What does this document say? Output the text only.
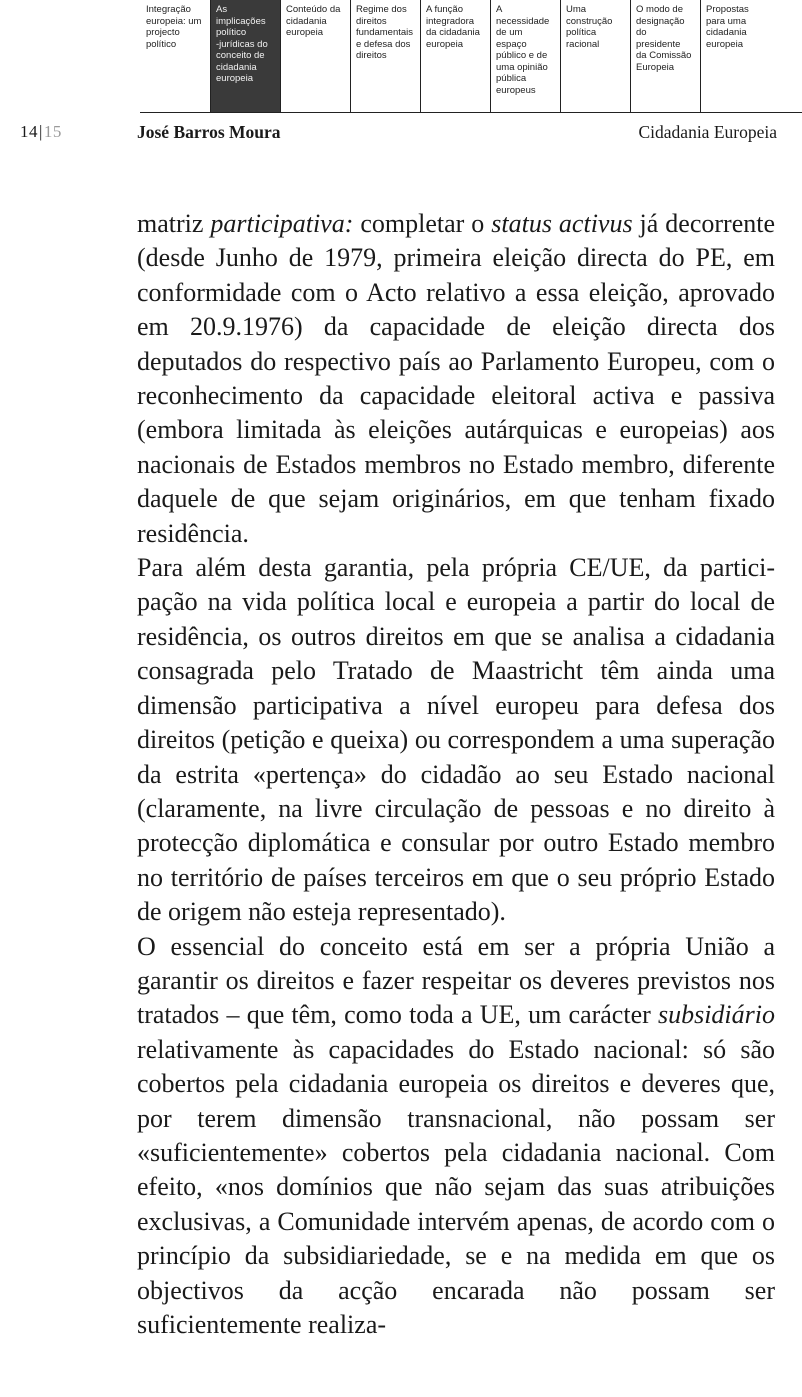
Integração
europeia: um
projecto
político
As
implicações
político
-jurídicas do
conceito de
cidadania
europeia
Conteúdo da
cidadania
europeia
Regime dos
direitos
fundamentais
e defesa dos
direitos
A função
integradora
da cidadania
europeia
A
necessidade
de um
espaço
público e de
uma opinião
pública
europeus
Uma
construção
política
racional
O modo de
designação
do
presidente
da Comissão
Europeia
Propostas
para uma
cidadania
europeia
14|15	José Barros Moura	Cidadania Europeia

matriz participativa: completar o status activus já decorrente (desde Junho de 1979, primeira eleição directa do PE, em conformidade com o Acto relativo a essa eleição, aprovado em 20.9.1976) da capacidade de eleição directa dos deputados do respectivo país ao Parlamento Europeu, com o reconhecimento da capacidade eleitoral activa e passiva (embora limitada às eleições autárquicas e europeias) aos nacionais de Estados membros no Estado membro, diferente daquele de que sejam originários, em que tenham fixado residência.

Para além desta garantia, pela própria CE/UE, da participação na vida política local e europeia a partir do local de residência, os outros direitos em que se analisa a cidadania consagrada pelo Tratado de Maastricht têm ainda uma dimensão participativa a nível europeu para defesa dos direitos (petição e queixa) ou correspondem a uma superação da estrita «pertença» do cidadão ao seu Estado nacional (claramente, na livre circulação de pessoas e no direito à protecção diplomática e consular por outro Estado membro no território de países terceiros em que o seu próprio Estado de origem não esteja representado).

O essencial do conceito está em ser a própria União a garantir os direitos e fazer respeitar os deveres previstos nos tratados – que têm, como toda a UE, um carácter subsidiário relativamente às capacidades do Estado nacional: só são cobertos pela cidadania europeia os direitos e deveres que, por terem dimensão transnacional, não possam ser «suficientemente» cobertos pela cidadania nacional. Com efeito, «nos domínios que não sejam das suas atribuições exclusivas, a Comunidade intervém apenas, de acordo com o princípio da subsidiariedade, se e na medida em que os objectivos da acção encarada não possam ser suficientemente realiza-
